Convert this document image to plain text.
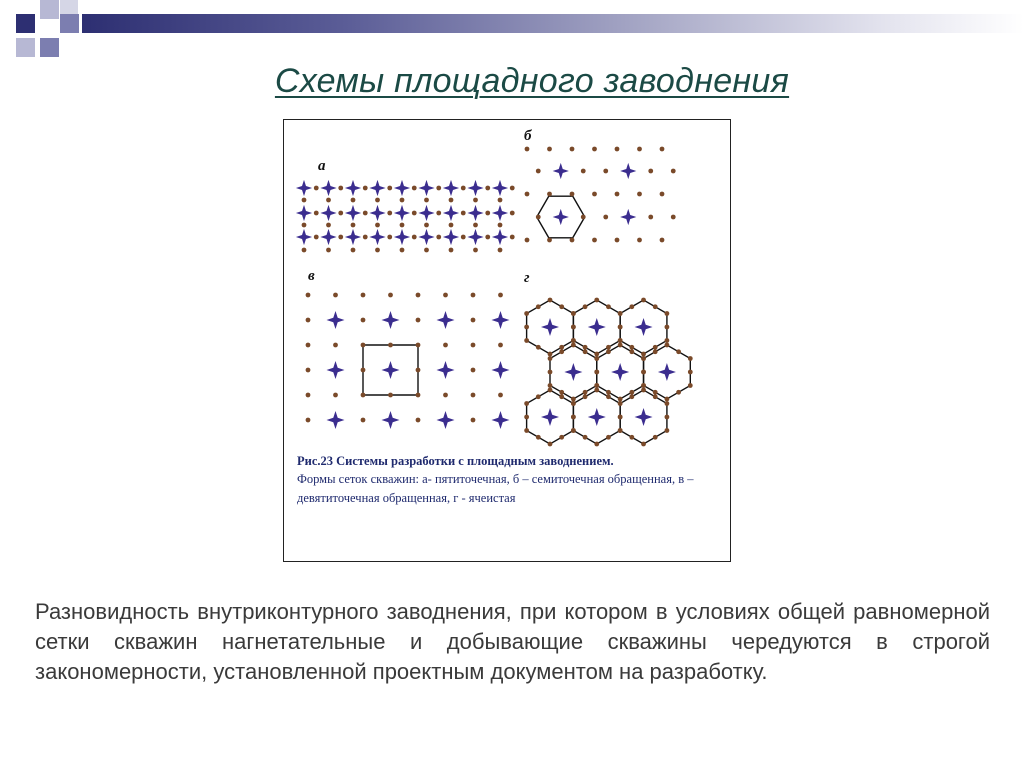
Схемы площадного заводнения
а
б
в	г
Рис.23 Системы разработки с площадным заводнением.
Формы сеток скважин: а- пятиточечная, б – семиточечная обращенная, в – девятиточечная обращенная, г - ячеистая
Разновидность внутриконтурного заводнения, при котором в условиях общей равномерной сетки скважин нагнетательные и добывающие скважины чередуются в строгой закономерности, установленной проектным документом на разработку.
